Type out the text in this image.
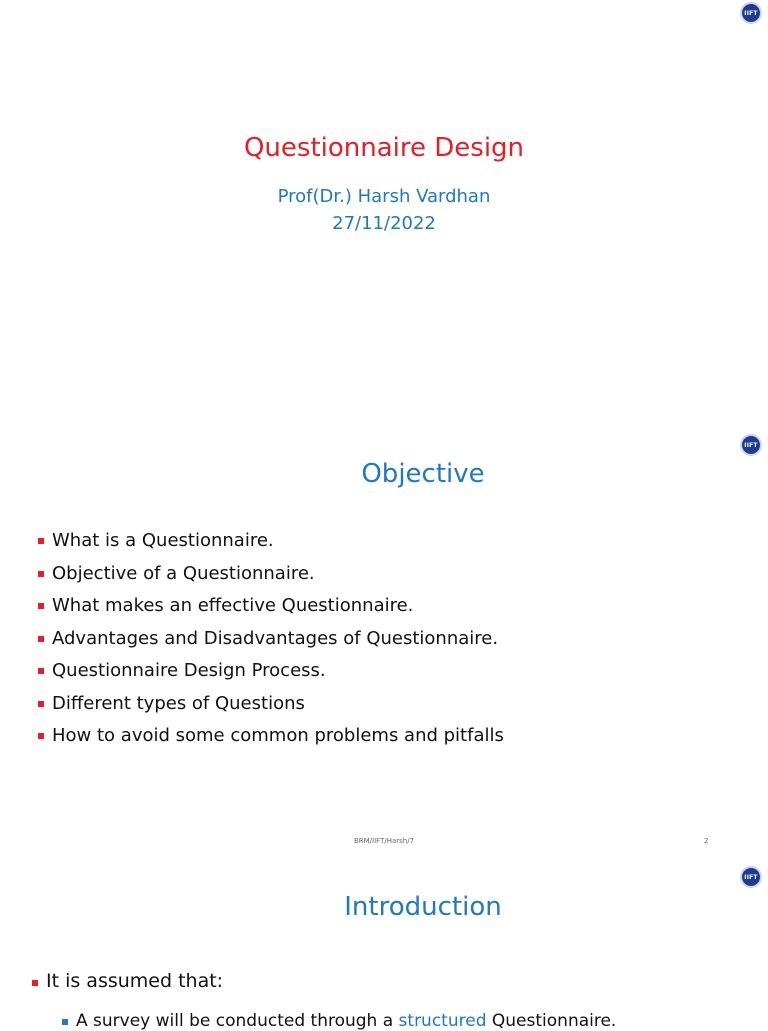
IIFT
Questionnaire Design
Prof(Dr.) Harsh Vardhan
27/11/2022
IIFT
Objective
What is a Questionnaire.
Objective of a Questionnaire.
What makes an effective Questionnaire.
Advantages and Disadvantages of Questionnaire.
Questionnaire Design Process.
Different types of Questions
How to avoid some common problems and pitfalls
BRM/IIFT/Harsh/7	2
IIFT
Introduction
It is assumed that:
A survey will be conducted through a structured Questionnaire.
